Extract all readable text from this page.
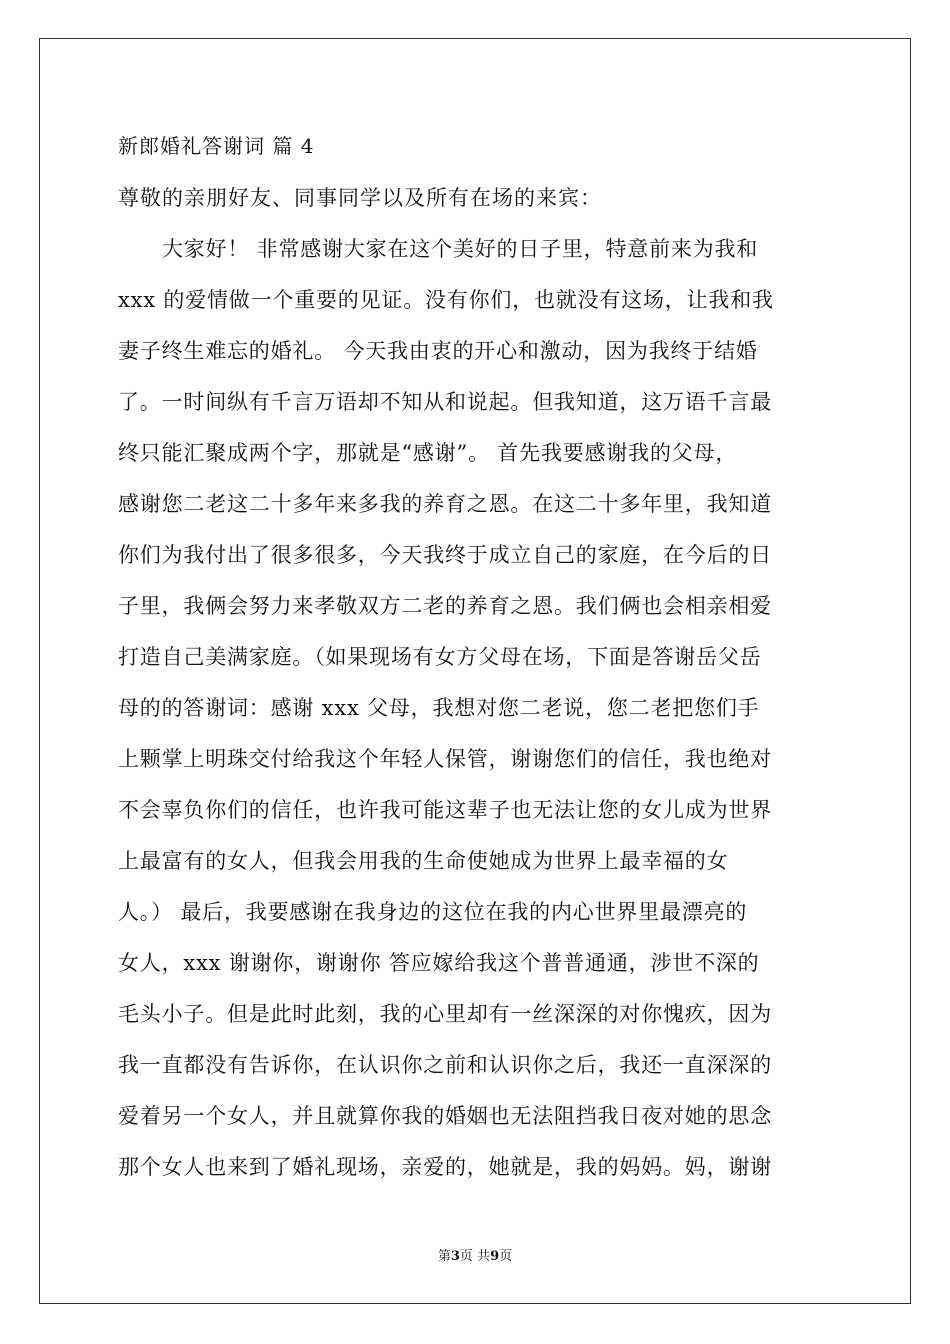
新郎婚礼答谢词 篇 4
尊敬的亲朋好友、同事同学以及所有在场的来宾：
大家好！ 非常感谢大家在这个美好的日子里，特意前来为我和
xxx 的爱情做一个重要的见证。没有你们，也就没有这场，让我和我
妻子终生难忘的婚礼。 今天我由衷的开心和激动，因为我终于结婚
了。一时间纵有千言万语却不知从和说起。但我知道，这万语千言最
终只能汇聚成两个字，那就是“感谢”。 首先我要感谢我的父母，
感谢您二老这二十多年来多我的养育之恩。在这二十多年里，我知道
你们为我付出了很多很多，今天我终于成立自己的家庭，在今后的日
子里，我俩会努力来孝敬双方二老的养育之恩。我们俩也会相亲相爱
打造自己美满家庭。（如果现场有女方父母在场，下面是答谢岳父岳
母的的答谢词：感谢 xxx 父母，我想对您二老说，您二老把您们手
上颗掌上明珠交付给我这个年轻人保管，谢谢您们的信任，我也绝对
不会辜负你们的信任，也许我可能这辈子也无法让您的女儿成为世界
上最富有的女人，但我会用我的生命使她成为世界上最幸福的女
人。） 最后，我要感谢在我身边的这位在我的内心世界里最漂亮的
女人，xxx 谢谢你，谢谢你 答应嫁给我这个普普通通，涉世不深的
毛头小子。但是此时此刻，我的心里却有一丝深深的对你愧疚，因为
我一直都没有告诉你，在认识你之前和认识你之后，我还一直深深的
爱着另一个女人，并且就算你我的婚姻也无法阻挡我日夜对她的思念
那个女人也来到了婚礼现场，亲爱的，她就是，我的妈妈。妈，谢谢
第3页 共9页
